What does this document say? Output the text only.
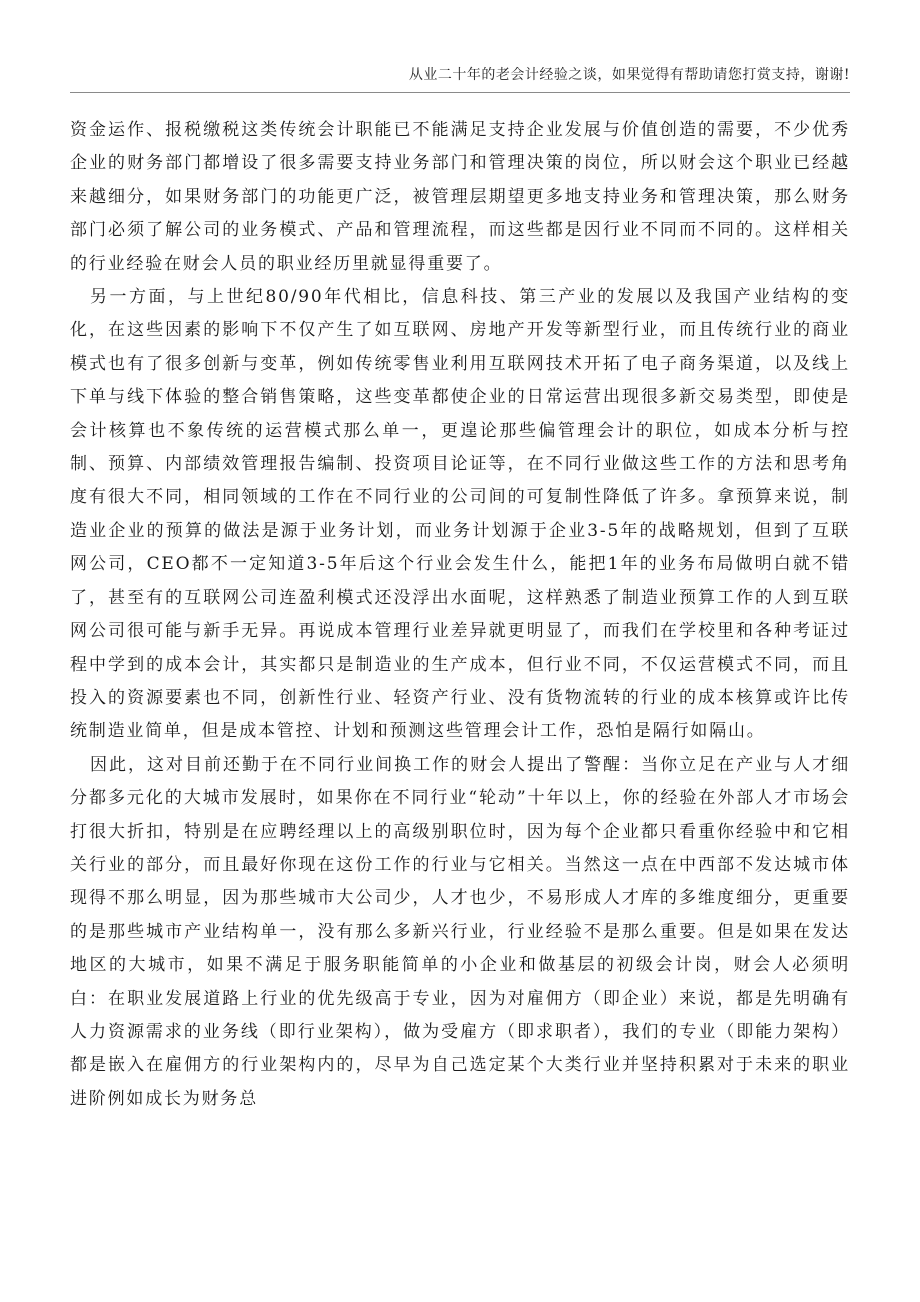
从业二十年的老会计经验之谈，如果觉得有帮助请您打赏支持，谢谢!

资金运作、报税缴税这类传统会计职能已不能满足支持企业发展与价值创造的需要，不少优秀企业的财务部门都增设了很多需要支持业务部门和管理决策的岗位，所以财会这个职业已经越来越细分，如果财务部门的功能更广泛，被管理层期望更多地支持业务和管理决策，那么财务部门必须了解公司的业务模式、产品和管理流程，而这些都是因行业不同而不同的。这样相关的行业经验在财会人员的职业经历里就显得重要了。

另一方面，与上世纪80/90年代相比，信息科技、第三产业的发展以及我国产业结构的变化，在这些因素的影响下不仅产生了如互联网、房地产开发等新型行业，而且传统行业的商业模式也有了很多创新与变革，例如传统零售业利用互联网技术开拓了电子商务渠道，以及线上下单与线下体验的整合销售策略，这些变革都使企业的日常运营出现很多新交易类型，即使是会计核算也不象传统的运营模式那么单一，更遑论那些偏管理会计的职位，如成本分析与控制、预算、内部绩效管理报告编制、投资项目论证等，在不同行业做这些工作的方法和思考角度有很大不同，相同领域的工作在不同行业的公司间的可复制性降低了许多。拿预算来说，制造业企业的预算的做法是源于业务计划，而业务计划源于企业3-5年的战略规划，但到了互联网公司，CEO都不一定知道3-5年后这个行业会发生什么，能把1年的业务布局做明白就不错了，甚至有的互联网公司连盈利模式还没浮出水面呢，这样熟悉了制造业预算工作的人到互联网公司很可能与新手无异。再说成本管理行业差异就更明显了，而我们在学校里和各种考证过程中学到的成本会计，其实都只是制造业的生产成本，但行业不同，不仅运营模式不同，而且投入的资源要素也不同，创新性行业、轻资产行业、没有货物流转的行业的成本核算或许比传统制造业简单，但是成本管控、计划和预测这些管理会计工作，恐怕是隔行如隔山。

因此，这对目前还勤于在不同行业间换工作的财会人提出了警醒：当你立足在产业与人才细分都多元化的大城市发展时，如果你在不同行业“轮动”十年以上，你的经验在外部人才市场会打很大折扣，特别是在应聘经理以上的高级别职位时，因为每个企业都只看重你经验中和它相关行业的部分，而且最好你现在这份工作的行业与它相关。当然这一点在中西部不发达城市体现得不那么明显，因为那些城市大公司少，人才也少，不易形成人才库的多维度细分，更重要的是那些城市产业结构单一，没有那么多新兴行业，行业经验不是那么重要。但是如果在发达地区的大城市，如果不满足于服务职能简单的小企业和做基层的初级会计岗，财会人必须明白：在职业发展道路上行业的优先级高于专业，因为对雇佣方（即企业）来说，都是先明确有人力资源需求的业务线（即行业架构），做为受雇方（即求职者），我们的专业（即能力架构）都是嵌入在雇佣方的行业架构内的，尽早为自己选定某个大类行业并坚持积累对于未来的职业进阶例如成长为财务总
